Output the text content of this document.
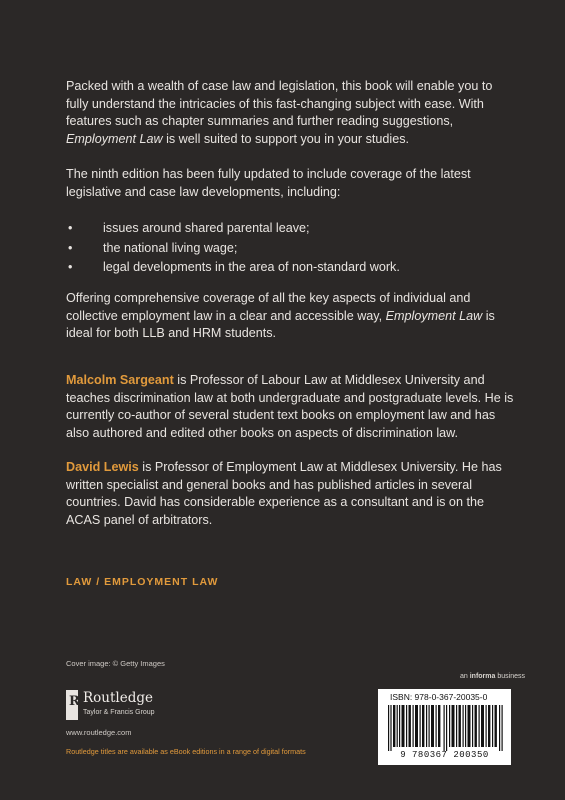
Packed with a wealth of case law and legislation, this book will enable you to fully understand the intricacies of this fast-changing subject with ease. With features such as chapter summaries and further reading suggestions, Employment Law is well suited to support you in your studies.

The ninth edition has been fully updated to include coverage of the latest legislative and case law developments, including:

• issues around shared parental leave;
• the national living wage;
• legal developments in the area of non-standard work.

Offering comprehensive coverage of all the key aspects of individual and collective employment law in a clear and accessible way, Employment Law is ideal for both LLB and HRM students.

Malcolm Sargeant is Professor of Labour Law at Middlesex University and teaches discrimination law at both undergraduate and postgraduate levels. He is currently co-author of several student text books on employment law and has also authored and edited other books on aspects of discrimination law.

David Lewis is Professor of Employment Law at Middlesex University. He has written specialist and general books and has published articles in several countries. David has considerable experience as a consultant and is on the ACAS panel of arbitrators.

LAW / EMPLOYMENT LAW
Cover image: © Getty Images
an informa business
R Routledge
Taylor & Francis Group
www.routledge.com
Routledge titles are available as eBook editions in a range of digital formats
ISBN: 978-0-367-20035-0
9 780367 200350
